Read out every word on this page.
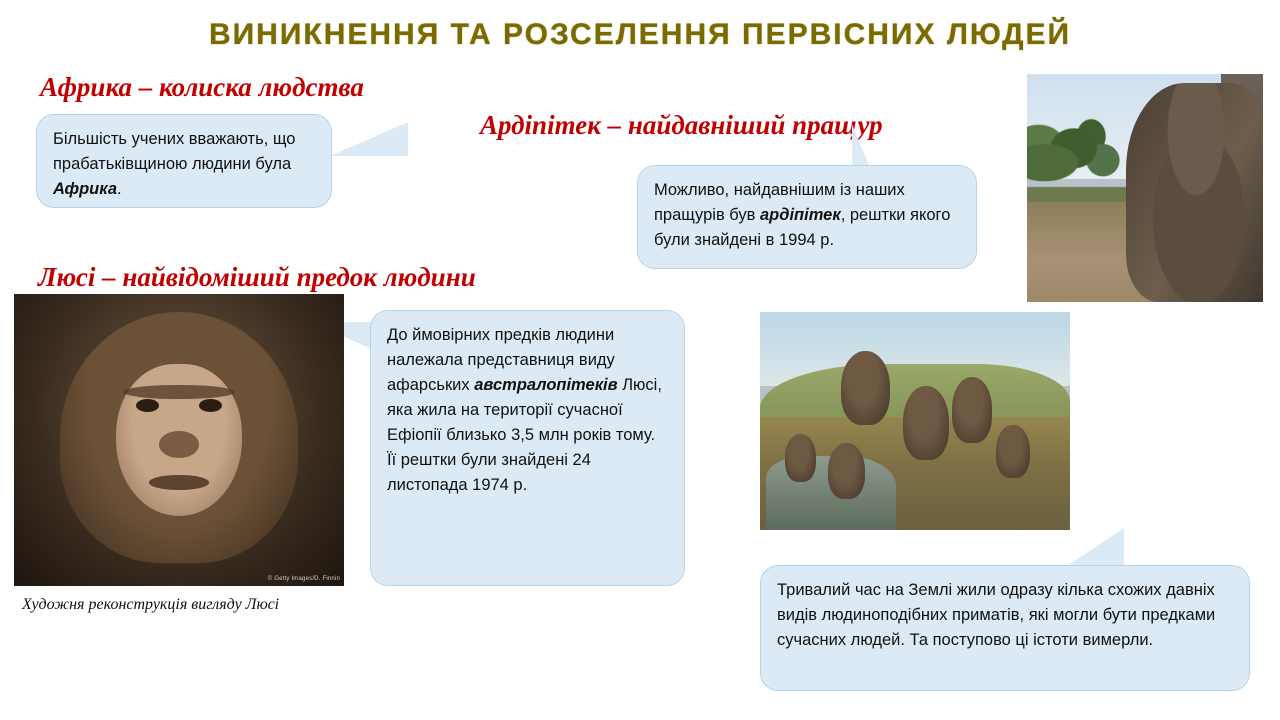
ВИНИКНЕННЯ ТА РОЗСЕЛЕННЯ ПЕРВІСНИХ ЛЮДЕЙ
Африка – колиска людства
Ардіпітек – найдавніший пращур
Люсі – найвідоміший предок людини
Більшість учених вважають, що прабатьківщиною людини була Африка.	Можливо, найдавнішим із наших пращурів був ардіпітек, рештки якого були знайдені в 1994 р.
До ймовірних предків людини належала представниця виду афарських австралопітеків Люсі, яка жила на території сучасної Ефіопії близько 3,5 млн років тому. Її рештки були знайдені 24 листопада 1974 р.
Тривалий час на Землі жили одразу кілька схожих давніх видів людиноподібних приматів, які могли бути предками сучасних людей. Та поступово ці істоти вимерли.
© Getty Images/D. Finnin
Художня реконструкція вигляду Люсі
